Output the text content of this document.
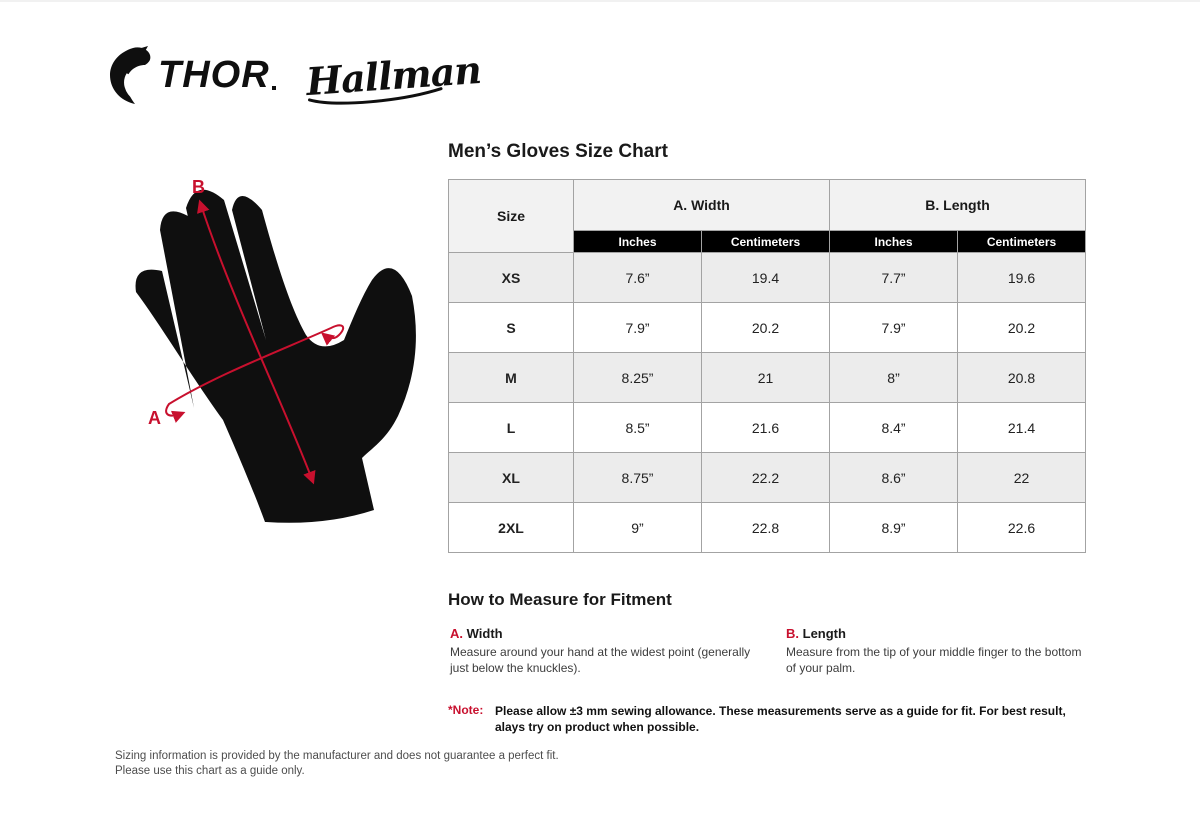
THOR Hallman
Men’s Gloves Size Chart
B
A
Size	A. Width		B. Length	
	Inches	Centimeters	Inches	Centimeters
XS	7.6”	19.4	7.7”	19.6
S	7.9”	20.2	7.9”	20.2
M	8.25”	21	8”	20.8
L	8.5”	21.6	8.4”	21.4
XL	8.75”	22.2	8.6”	22
2XL	9”	22.8	8.9”	22.6
How to Measure for Fitment
A. Width
Measure around your hand at the widest point (generally just below the knuckles).
B. Length
Measure from the tip of your middle finger to the bottom of your palm.
*Note: Please allow ±3 mm sewing allowance. These measurements serve as a guide for fit. For best result, alays try on product when possible.
Sizing information is provided by the manufacturer and does not guarantee a perfect fit.
Please use this chart as a guide only.
